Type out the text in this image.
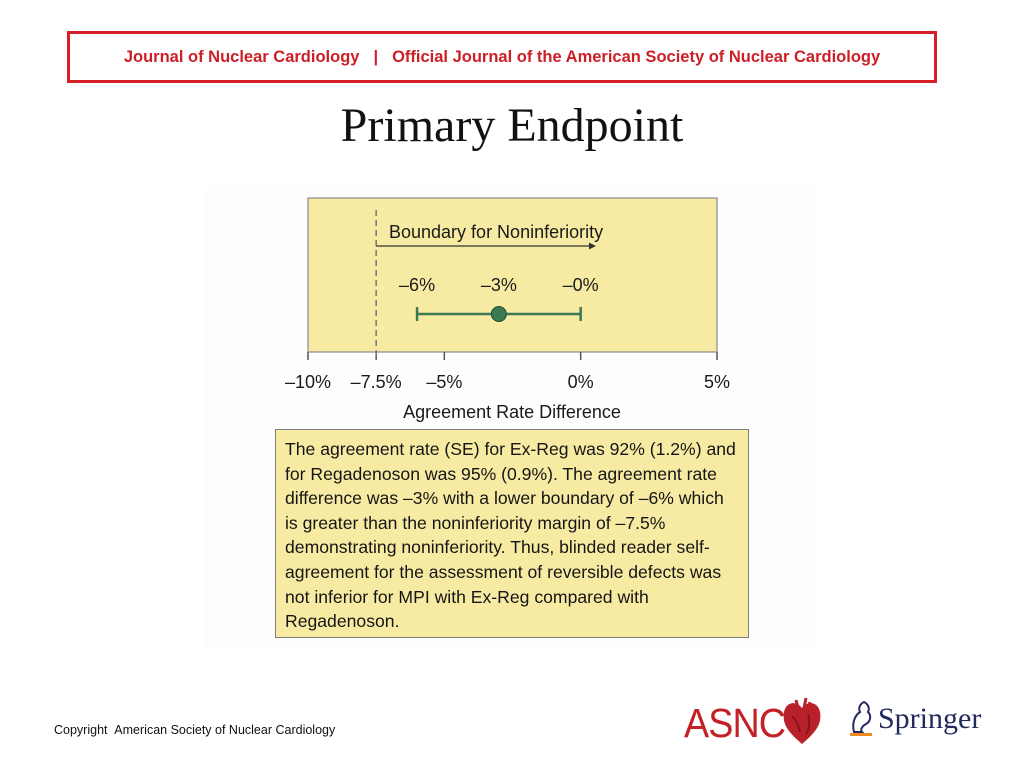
Journal of Nuclear Cardiology | Official Journal of the American Society of Nuclear Cardiology
Primary Endpoint
–10% –7.5% –5%	0%	5%
Boundary for Noninferiority
–6%	–3%	–0%
Agreement Rate Difference
The agreement rate (SE) for Ex-Reg was 92% (1.2%) and for Regadenoson was 95% (0.9%). The agreement rate difference was –3% with a lower boundary of –6% which is greater than the noninferiority margin of –7.5% demonstrating noninferiority. Thus, blinded reader self-agreement for the assessment of reversible defects was not inferior for MPI with Ex-Reg compared with Regadenoson.
Copyright American Society of Nuclear Cardiology	ASNC	Springer
